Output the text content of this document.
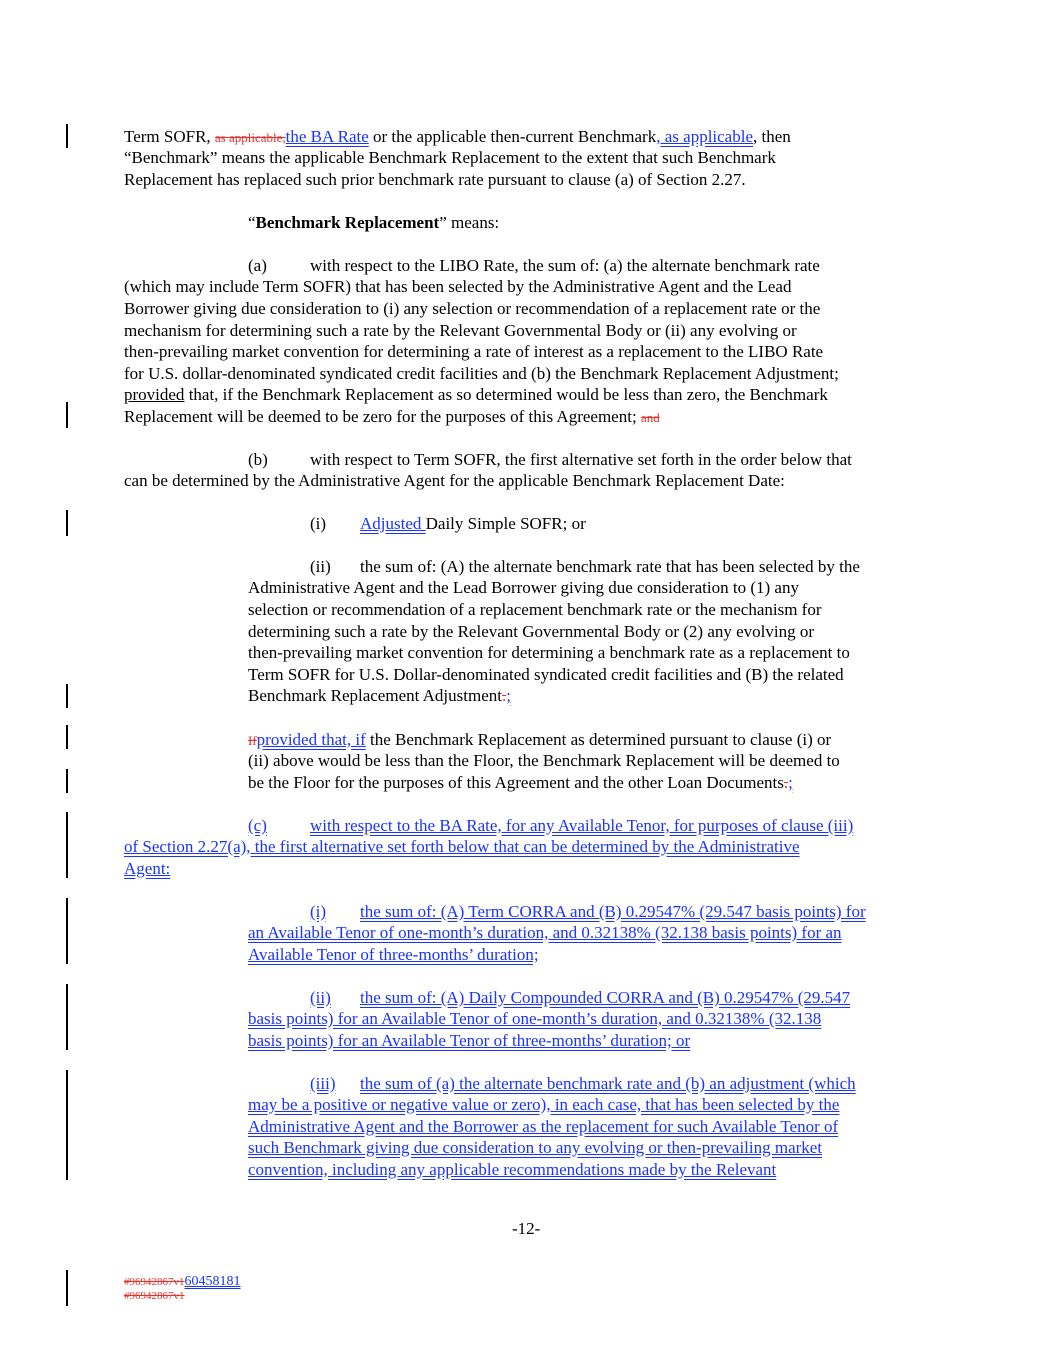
Term SOFR, as applicable,the BA Rate or the applicable then-current Benchmark, as applicable, then
“Benchmark” means the applicable Benchmark Replacement to the extent that such Benchmark
Replacement has replaced such prior benchmark rate pursuant to clause (a) of Section 2.27.
“Benchmark Replacement” means:
(a)	with respect to the LIBO Rate, the sum of: (a) the alternate benchmark rate
(which may include Term SOFR) that has been selected by the Administrative Agent and the Lead
Borrower giving due consideration to (i) any selection or recommendation of a replacement rate or the
mechanism for determining such a rate by the Relevant Governmental Body or (ii) any evolving or
then-prevailing market convention for determining a rate of interest as a replacement to the LIBO Rate
for U.S. dollar-denominated syndicated credit facilities and (b) the Benchmark Replacement Adjustment;
provided that, if the Benchmark Replacement as so determined would be less than zero, the Benchmark
Replacement will be deemed to be zero for the purposes of this Agreement; and
(b) with respect to Term SOFR, the first alternative set forth in the order below that
can be determined by the Administrative Agent for the applicable Benchmark Replacement Date:
(i) Adjusted Daily Simple SOFR; or
(ii) the sum of: (A) the alternate benchmark rate that has been selected by the
Administrative Agent and the Lead Borrower giving due consideration to (1) any
selection or recommendation of a replacement benchmark rate or the mechanism for
determining such a rate by the Relevant Governmental Body or (2) any evolving or
then-prevailing market convention for determining a benchmark rate as a replacement to
Term SOFR for U.S. Dollar-denominated syndicated credit facilities and (B) the related
Benchmark Replacement Adjustment.;
Ifprovided that, if the Benchmark Replacement as determined pursuant to clause (i) or
(ii) above would be less than the Floor, the Benchmark Replacement will be deemed to
be the Floor for the purposes of this Agreement and the other Loan Documents.;
(c)	with respect to the BA Rate, for any Available Tenor, for purposes of clause (iii)
of Section 2.27(a), the first alternative set forth below that can be determined by the Administrative
Agent:
(i) the sum of: (A) Term CORRA and (B) 0.29547% (29.547 basis points) for
an Available Tenor of one-month’s duration, and 0.32138% (32.138 basis points) for an
Available Tenor of three-months’ duration;
(ii) the sum of: (A) Daily Compounded CORRA and (B) 0.29547% (29.547
basis points) for an Available Tenor of one-month’s duration, and 0.32138% (32.138
basis points) for an Available Tenor of three-months’ duration; or
(iii) the sum of (a) the alternate benchmark rate and (b) an adjustment (which
may be a positive or negative value or zero), in each case, that has been selected by the
Administrative Agent and the Borrower as the replacement for such Available Tenor of
such Benchmark giving due consideration to any evolving or then-prevailing market
convention, including any applicable recommendations made by the Relevant
-12-
#96942867v160458181
#96942867v1
